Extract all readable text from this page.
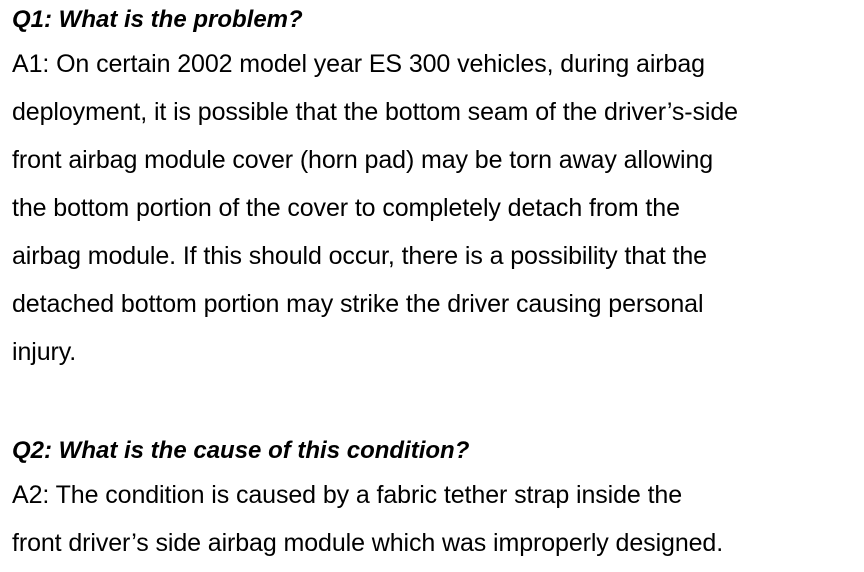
Q1: What is the problem?

A1: On certain 2002 model year ES 300 vehicles, during airbag
deployment, it is possible that the bottom seam of the driver’s-side
front airbag module cover (horn pad) may be torn away allowing
the bottom portion of the cover to completely detach from the
airbag module. If this should occur, there is a possibility that the
detached bottom portion may strike the driver causing personal
injury.

Q2: What is the cause of this condition?

A2: The condition is caused by a fabric tether strap inside the
front driver’s side airbag module which was improperly designed.
